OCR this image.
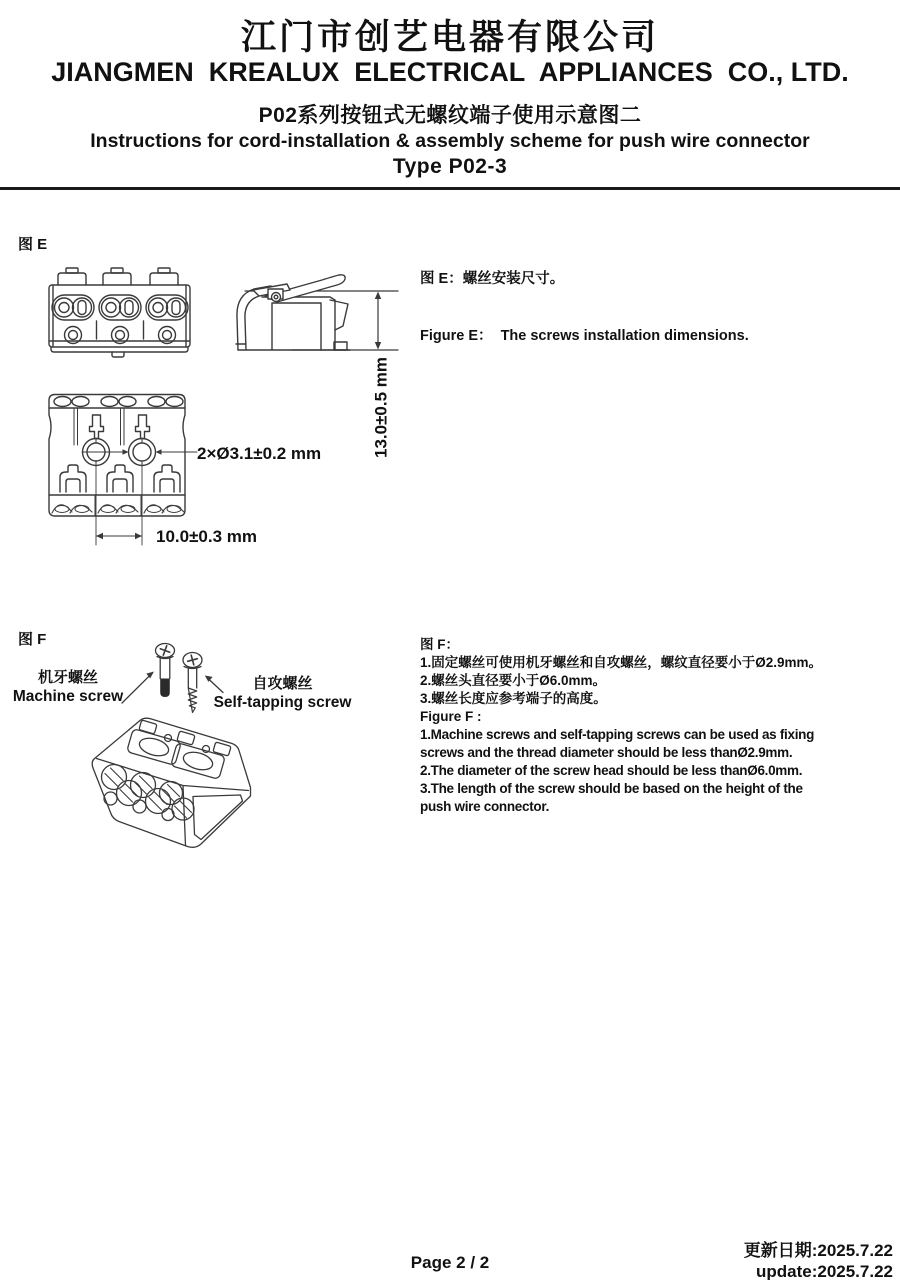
江门市创艺电器有限公司
JIANGMEN  KREALUX  ELECTRICAL  APPLIANCES  CO., LTD.
P02系列按钮式无螺纹端子使用示意图二
Instructions for cord-installation & assembly scheme for push wire connector
Type P02-3
图 E
2×Ø3.1±0.2 mm
10.0±0.3 mm
13.0±0.5 mm

图 E：螺丝安装尺寸。

Figure E：  The screws installation dimensions.

图 F
机牙螺丝
Machine screw
自攻螺丝
Self-tapping screw
图 F：
1.固定螺丝可使用机牙螺丝和自攻螺丝，螺纹直径要小于Ø2.9mm。
2.螺丝头直径要小于Ø6.0mm。
3.螺丝长度应参考端子的高度。
Figure F :
1.Machine screws and self-tapping screws can be used as fixing
screws and the thread diameter should be less thanØ2.9mm.
2.The diameter of the screw head should be less thanØ6.0mm.
3.The length of the screw should be based on the height of the
push wire connector.
Page 2 / 2
更新日期:2025.7.22
update:2025.7.22
